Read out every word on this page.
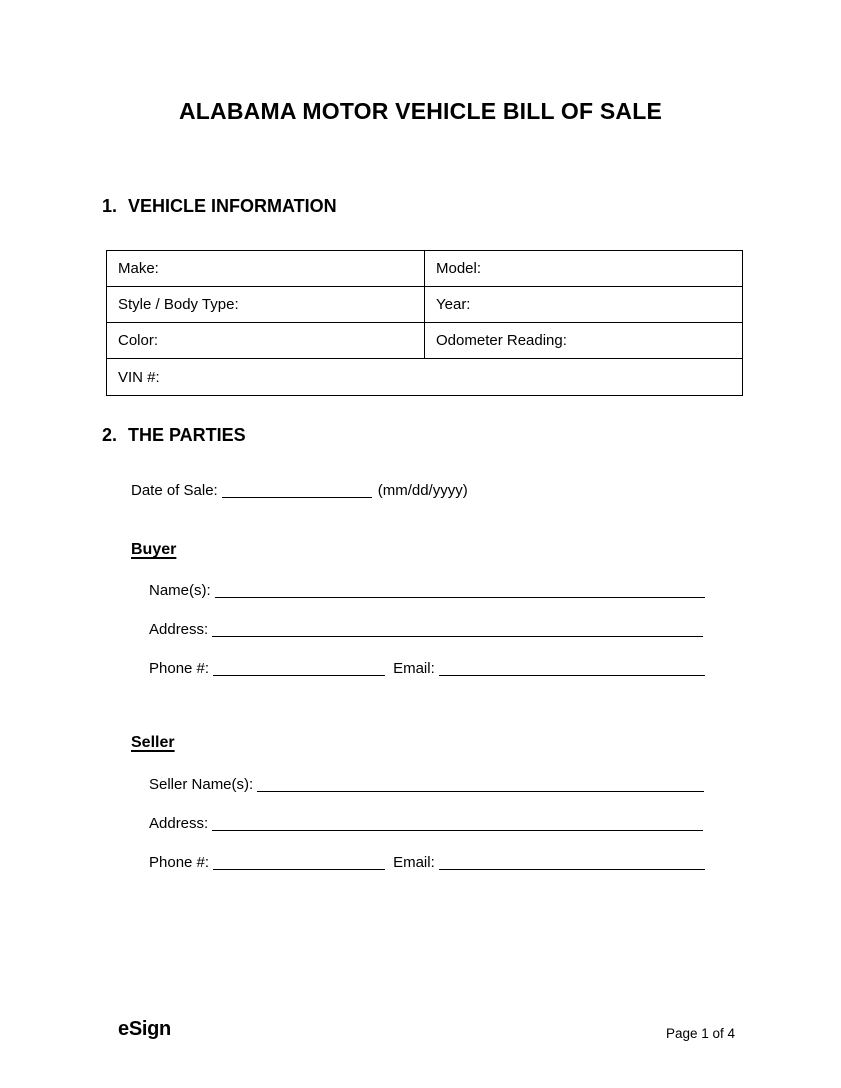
ALABAMA MOTOR VEHICLE BILL OF SALE
1. VEHICLE INFORMATION
Make:	Model:
Style / Body Type:	Year:
Color:	Odometer Reading:
VIN #:	
2. THE PARTIES
Date of Sale:	(mm/dd/yyyy)
Buyer
Name(s):
Address:
Phone #:	Email:
Seller
Seller Name(s):
Address:
Phone #:	Email:
eSign	Page 1 of 4
